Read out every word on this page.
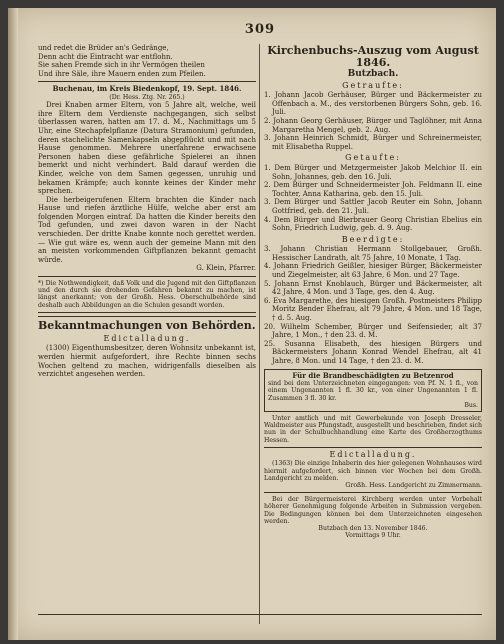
309

und redet die Brüder an's Gedränge,

Denn acht die Eintracht war entflohn.

Sie sahen Fremde sich in ihr Vermögen theilen

Und ihre Säle, ihre Mauern enden zum Pfeilen.

Buchenau, im Kreis Biedenkopf, 19. Sept. 1846.

(Dr. Hess. Ztg. Nr. 265.)

Drei Knaben armer Eltern, von 5 Jahre alt, welche, weil ihre Eltern dem Verdienste nachgegangen, sich selbst überlassen waren, hatten am 17. d. M., Nachmittags um 5 Uhr, eine Stechapfelpflanze (Datura Stramonium) gefunden, deren stachelichte Samenkapseln abgepflückt und mit nach Hause genommen. Mehrere unerfahrene erwachsene Personen haben diese gefährliche Spielerei an ihnen bemerkt und nicht verhindert. Bald darauf werden die Kinder, welche von dem Samen gegessen, unruhig und bekamen Krämpfe; auch konnte keines der Kinder mehr sprechen.

Die herbeigerufenen Eltern brachten die Kinder nach Hause und riefen ärztliche Hülfe, welche aber erst am folgenden Morgen eintraf. Da hatten die Kinder bereits den Tod gefunden, und zwei davon waren in der Nacht verschieden. Der dritte Knabe konnte noch gerettet werden. — Wie gut wäre es, wenn auch der gemeine Mann mit den an meisten vorkommenden Giftpflanzen bekannt gemacht würde.

G. Klein, Pfarrer.

*) Die Nothwendigkeit, daß Volk und die Jugend mit den Giftpflanzen und den durch sie drohenden Gefahren bekannt zu machen, ist längst anerkannt; von der Großh. Hess. Oberschulbehörde sind deshalb auch Abbildungen an die Schulen gesandt worden.

Bekanntmachungen von Behörden.

Edictalladung.

(1300) Eigenthumsbesitzer, deren Wohnsitz unbekannt ist, werden hiermit aufgefordert, ihre Rechte binnen sechs Wochen geltend zu machen, widrigenfalls dieselben als verzichtet angesehen werden.

Kirchenbuchs-Auszug vom August 1846.

Butzbach.

Getraufte:

1. Johann Jacob Gerhäuser, Bürger und Bäckermeister zu Offenbach a. M., des verstorbenen Bürgers Sohn, geb. 16. Juli.

2. Johann Georg Gerhäuser, Bürger und Taglöhner, mit Anna Margaretha Mengel, geb. 2. Aug.

3. Johann Heinrich Schmidt, Bürger und Schreinermeister, mit Elisabetha Ruppel.

Getaufte:

1. Dem Bürger und Metzgermeister Jakob Melchior II. ein Sohn, Johannes, geb. den 16. Juli.

2. Dem Bürger und Schneidermeister Joh. Feldmann II. eine Tochter, Anna Katharina, geb. den 15. Juli.

3. Dem Bürger und Sattler Jacob Reuter ein Sohn, Johann Gottfried, geb. den 21. Juli.

4. Dem Bürger und Bierbrauer Georg Christian Ebelius ein Sohn, Friedrich Ludwig, geb. d. 9. Aug.

Beerdigte:

3. Johann Christian Hermann Stollgebauer, Großh. Hessischer Landrath, alt 75 Jahre, 10 Monate, 1 Tag.

4. Johann Friedrich Geißler, hiesiger Bürger, Bäckermeister und Ziegelmeister, alt 63 Jahre, 6 Mon. und 27 Tage.

5. Johann Ernst Knoblauch, Bürger und Bäckermeister, alt 42 Jahre, 4 Mon. und 3 Tage, ges. den 4. Aug.

6. Eva Margarethe, des hiesigen Großh. Postmeisters Philipp Moritz Bender Ehefrau, alt 79 Jahre, 4 Mon. und 18 Tage, † d. 5. Aug.

20. Wilhelm Schember, Bürger und Seifensieder, alt 37 Jahre, 1 Mon., † den 23. d. M.

25. Susanna Elisabeth, des hiesigen Bürgers und Bäckermeisters Johann Konrad Wendel Ehefrau, alt 41 Jahre, 8 Mon. und 14 Tage, † den 23. d. M.

Für die Brandbeschädigten zu Betzenrod

sind bei dem Unterzeichneten eingegangen: von Pf. N. 1 fl., von einem Ungenannten 1 fl. 30 kr., von einer Ungenannten 1 fl. Zusammen 3 fl. 30 kr.

Bus.

Unter amtlich und mit Gewerbekunde von Joseph Dresseler, Waldmeister aus Pfungstadt, ausgestellt und beschrieben, findet sich nun in der Schulbuchhandlung eine Karte des Großherzogthums Hessen.

Edictalladung.

(1363) Die einzige Inhaberin des hier gelegenen Wohnhauses wird hiermit aufgefordert, sich binnen vier Wochen bei dem Großh. Landgericht zu melden.

Großh. Hess. Landgericht zu Zimmermann.

Bei der Bürgermeisterei Kirchberg werden unter Vorbehalt höherer Genehmigung folgende Arbeiten in Submission vergeben. Die Bedingungen können bei dem Unterzeichneten eingesehen werden.

Butzbach den 13. November 1846.

Vormittags 9 Uhr.
